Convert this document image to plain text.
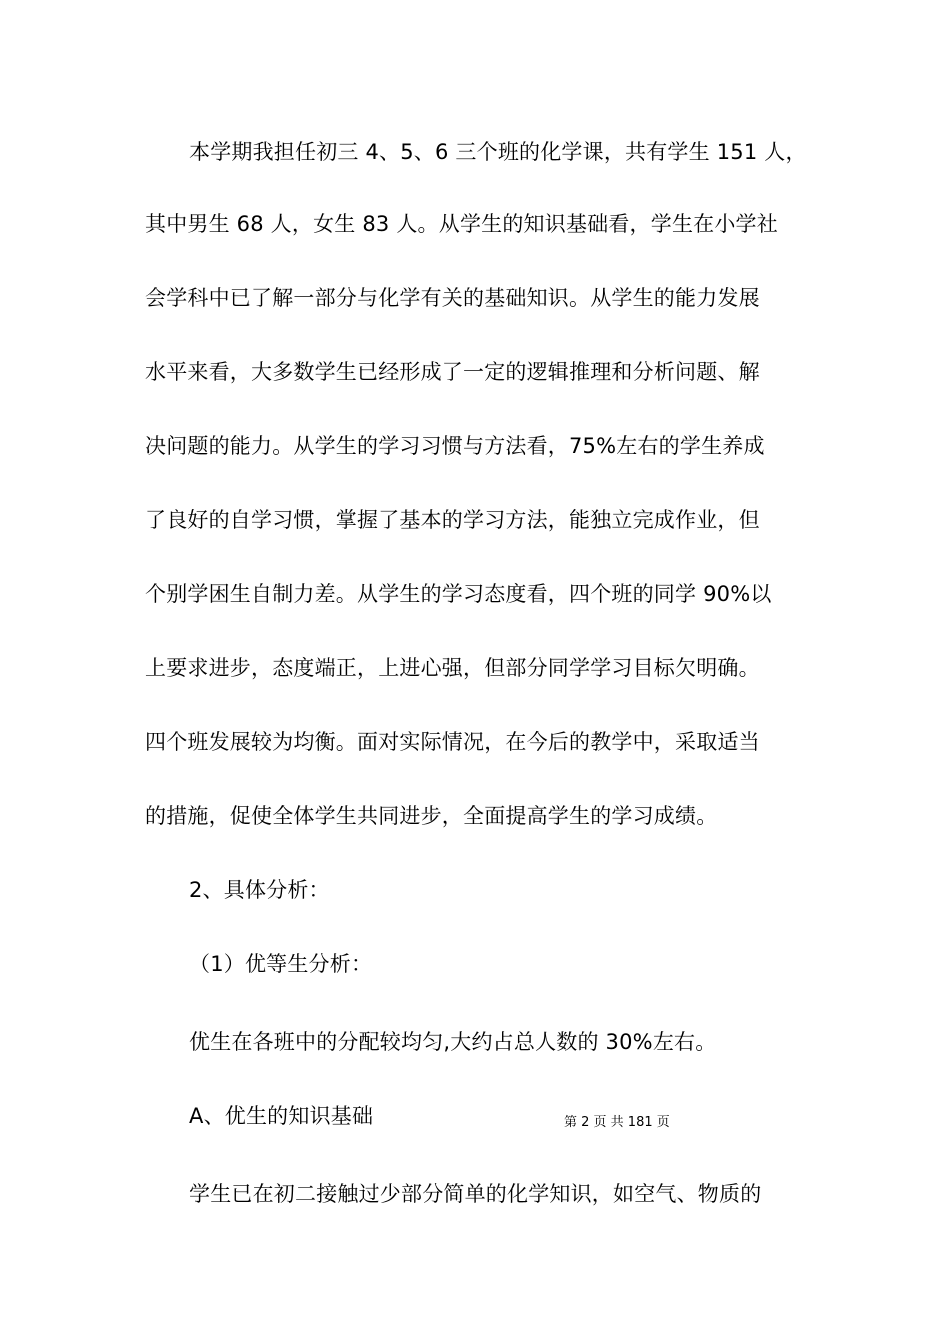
本学期我担任初三 4、5、6 三个班的化学课，共有学生 151 人，
其中男生 68 人，女生 83 人。从学生的知识基础看，学生在小学社
会学科中已了解一部分与化学有关的基础知识。从学生的能力发展
水平来看，大多数学生已经形成了一定的逻辑推理和分析问题、解
决问题的能力。从学生的学习习惯与方法看，75%左右的学生养成
了良好的自学习惯，掌握了基本的学习方法，能独立完成作业，但
个别学困生自制力差。从学生的学习态度看，四个班的同学 90%以
上要求进步，态度端正，上进心强，但部分同学学习目标欠明确。
四个班发展较为均衡。面对实际情况，在今后的教学中，采取适当
的措施，促使全体学生共同进步，全面提高学生的学习成绩。
2、具体分析：
（1）优等生分析：
优生在各班中的分配较均匀,大约占总人数的 30%左右。
A、优生的知识基础	第 2 页 共 181 页
学生已在初二接触过少部分简单的化学知识，如空气、物质的
